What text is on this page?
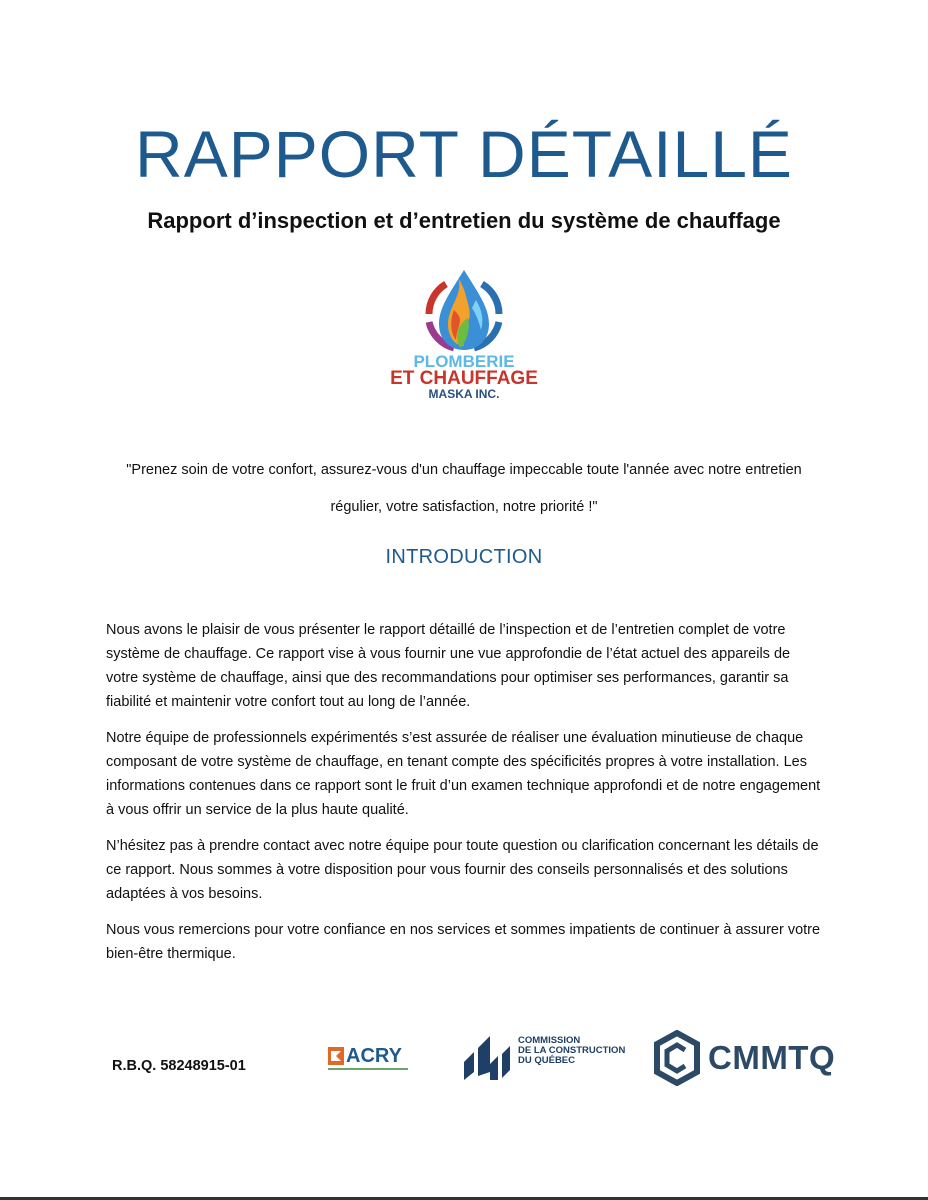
RAPPORT DÉTAILLÉ
Rapport d’inspection et d’entretien du système de chauffage
PLOMBERIE
ET CHAUFFAGE
MASKA INC.
"Prenez soin de votre confort, assurez-vous d'un chauffage impeccable toute l'année avec notre entretien
régulier, votre satisfaction, notre priorité !"
INTRODUCTION

Nous avons le plaisir de vous présenter le rapport détaillé de l’inspection et de l’entretien complet de votre système de chauffage. Ce rapport vise à vous fournir une vue approfondie de l’état actuel des appareils de votre système de chauffage, ainsi que des recommandations pour optimiser ses performances, garantir sa fiabilité et maintenir votre confort tout au long de l’année.

Notre équipe de professionnels expérimentés s’est assurée de réaliser une évaluation minutieuse de chaque composant de votre système de chauffage, en tenant compte des spécificités propres à votre installation. Les informations contenues dans ce rapport sont le fruit d’un examen technique approfondi et de notre engagement à vous offrir un service de la plus haute qualité.

N’hésitez pas à prendre contact avec notre équipe pour toute question ou clarification concernant les détails de ce rapport. Nous sommes à votre disposition pour vous fournir des conseils personnalisés et des solutions adaptées à vos besoins.

Nous vous remercions pour votre confiance en nos services et sommes impatients de continuer à assurer votre bien-être thermique.

R.B.Q. 58248915-01	ACRY
COMMISSION
DE LA CONSTRUCTION
DU QUÉBEC	CMMTQ
